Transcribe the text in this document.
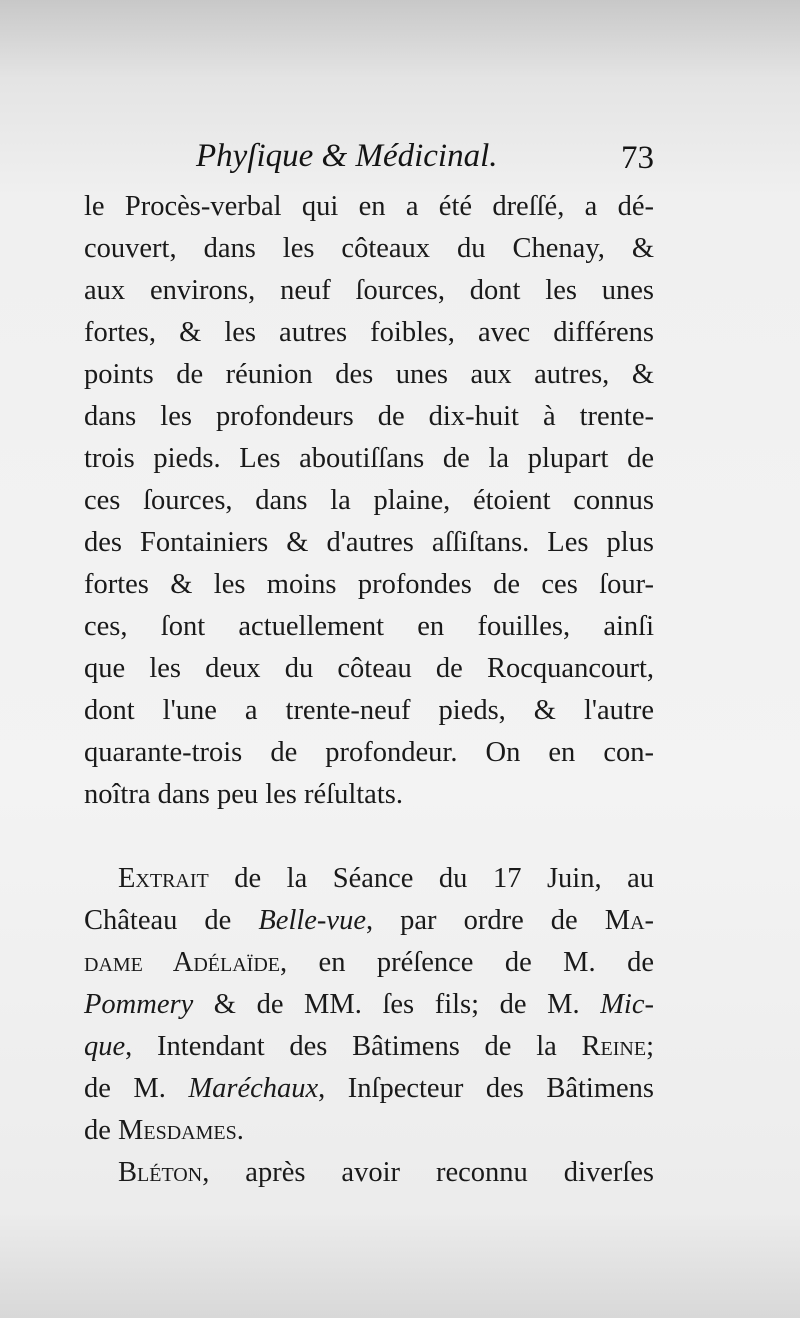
Phyſique & Médicinal.	73
le Procès-verbal qui en a été dreſſé, a dé-
couvert, dans les côteaux du Chenay, &
aux environs, neuf ſources, dont les unes
fortes, & les autres foibles, avec différens
points de réunion des unes aux autres, &
dans les profondeurs de dix-huit à trente-
trois pieds. Les aboutiſſans de la plupart de
ces ſources, dans la plaine, étoient connus
des Fontainiers & d'autres aſſiſtans. Les plus
fortes & les moins profondes de ces ſour-
ces, ſont actuellement en fouilles, ainſi
que les deux du côteau de Rocquancourt,
dont l'une a trente-neuf pieds, & l'autre
quarante-trois de profondeur. On en con-
noîtra dans peu les réſultats.
Extrait de la Séance du 17 Juin, au
Château de Belle-vue, par ordre de Ma-
dame Adélaïde, en préſence de M. de
Pommery & de MM. ſes fils; de M. Mic-
que, Intendant des Bâtimens de la Reine;
de M. Maréchaux, Inſpecteur des Bâtimens
de Mesdames.
Bléton, après avoir reconnu diverſes
